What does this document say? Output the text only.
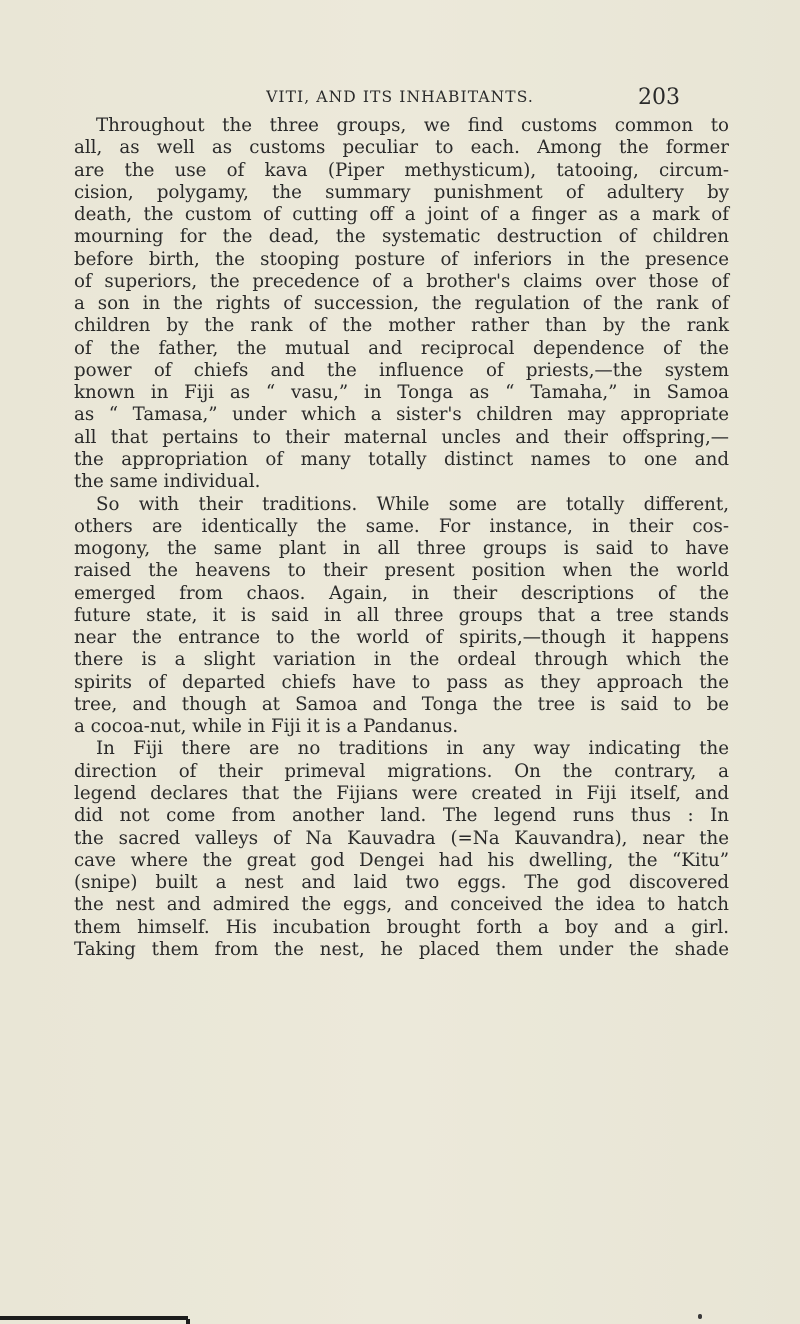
VITI, AND ITS INHABITANTS.	203
Throughout the three groups, we find customs common to
all, as well as customs peculiar to each. Among the former
are the use of kava (Piper methysticum), tatooing, circum-
cision, polygamy, the summary punishment of adultery by
death, the custom of cutting off a joint of a finger as a mark of
mourning for the dead, the systematic destruction of children
before birth, the stooping posture of inferiors in the presence
of superiors, the precedence of a brother's claims over those of
a son in the rights of succession, the regulation of the rank of
children by the rank of the mother rather than by the rank
of the father, the mutual and reciprocal dependence of the
power of chiefs and the influence of priests,—the system
known in Fiji as “ vasu,” in Tonga as “ Tamaha,” in Samoa
as “ Tamasa,” under which a sister's children may appropriate
all that pertains to their maternal uncles and their offspring,—
the appropriation of many totally distinct names to one and
the same individual.
So with their traditions. While some are totally different,
others are identically the same. For instance, in their cos-
mogony, the same plant in all three groups is said to have
raised the heavens to their present position when the world
emerged from chaos. Again, in their descriptions of the
future state, it is said in all three groups that a tree stands
near the entrance to the world of spirits,—though it happens
there is a slight variation in the ordeal through which the
spirits of departed chiefs have to pass as they approach the
tree, and though at Samoa and Tonga the tree is said to be
a cocoa-nut, while in Fiji it is a Pandanus.
In Fiji there are no traditions in any way indicating the
direction of their primeval migrations. On the contrary, a
legend declares that the Fijians were created in Fiji itself, and
did not come from another land. The legend runs thus : In
the sacred valleys of Na Kauvadra (=Na Kauvandra), near the
cave where the great god Dengei had his dwelling, the “Kitu”
(snipe) built a nest and laid two eggs. The god discovered
the nest and admired the eggs, and conceived the idea to hatch
them himself. His incubation brought forth a boy and a girl.
Taking them from the nest, he placed them under the shade
